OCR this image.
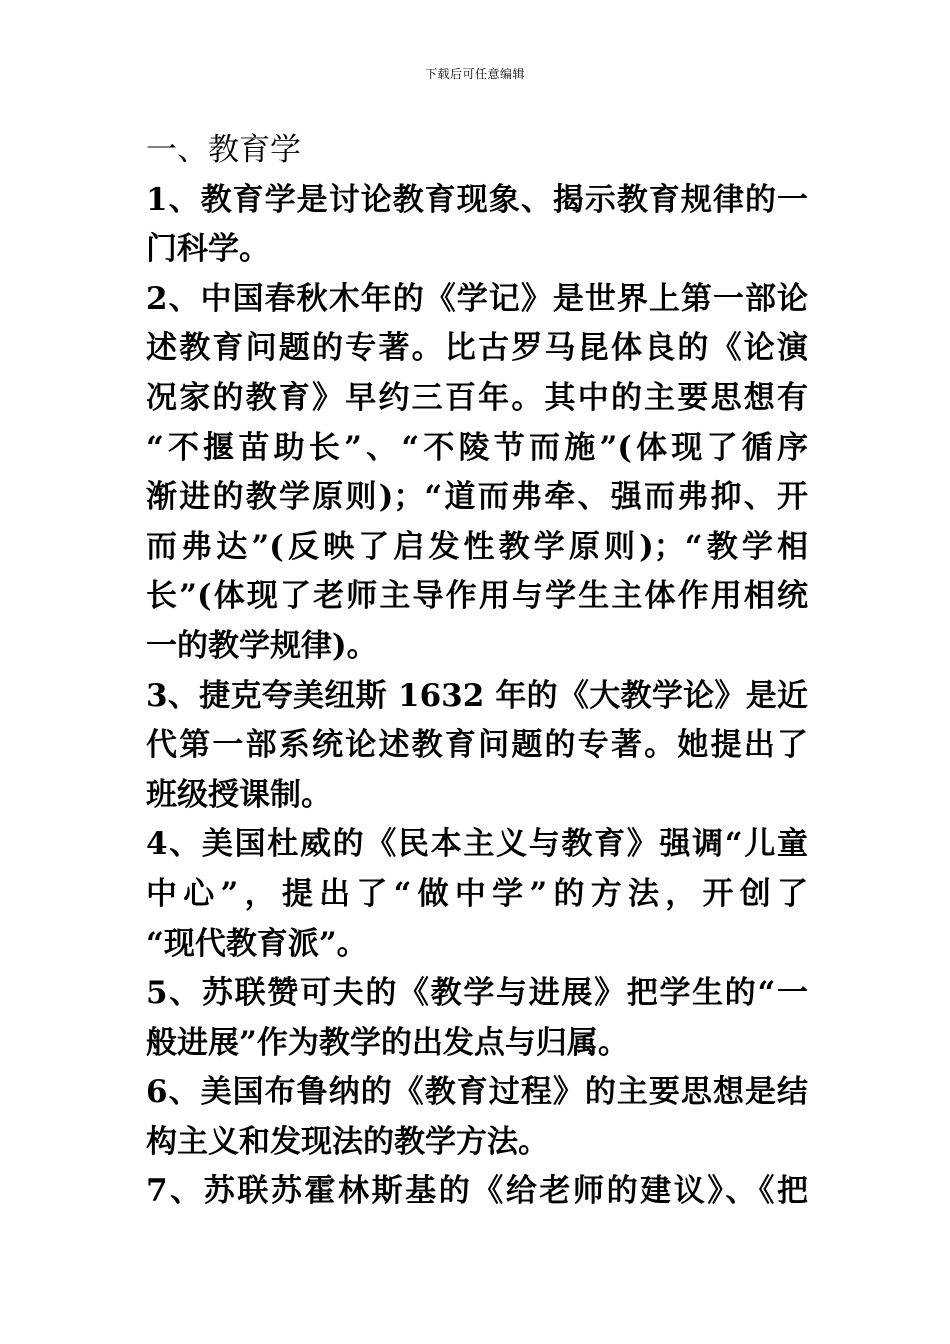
下载后可任意编辑
一、教育学
1、教育学是讨论教育现象、揭示教育规律的一
门科学。
2、中国春秋木年的《学记》是世界上第一部论
述教育问题的专著。比古罗马昆体良的《论演
况家的教育》早约三百年。其中的主要思想有
“不揠苗助长”、“不陵节而施”(体现了循序
渐进的教学原则)；“道而弗牵、强而弗抑、开
而弗达”(反映了启发性教学原则)；“教学相
长”(体现了老师主导作用与学生主体作用相统
一的教学规律)。
3、捷克夸美纽斯 1632 年的《大教学论》是近
代第一部系统论述教育问题的专著。她提出了
班级授课制。
4、美国杜威的《民本主义与教育》强调“儿童
中心”，提出了“做中学”的方法，开创了
“现代教育派”。
5、苏联赞可夫的《教学与进展》把学生的“一
般进展”作为教学的出发点与归属。
6、美国布鲁纳的《教育过程》的主要思想是结
构主义和发现法的教学方法。
7、苏联苏霍林斯基的《给老师的建议》、《把
